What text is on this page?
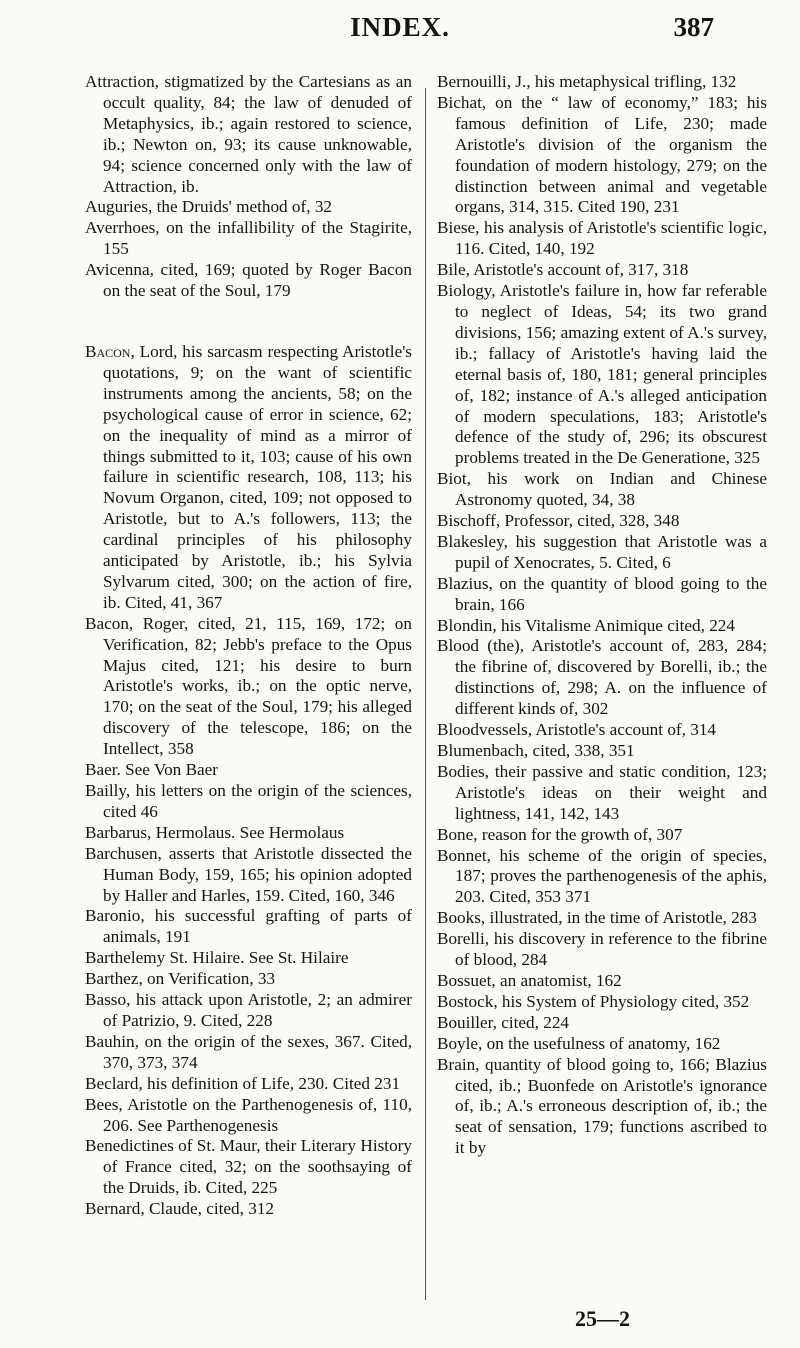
INDEX.	387

Attraction, stigmatized by the Cartesians as an occult quality, 84; the law of denuded of Metaphysics, ib.; again restored to science, ib.; Newton on, 93; its cause unknowable, 94; science concerned only with the law of Attraction, ib.

Auguries, the Druids' method of, 32

Averrhoes, on the infallibility of the Stagirite, 155

Avicenna, cited, 169; quoted by Roger Bacon on the seat of the Soul, 179

Bacon, Lord, his sarcasm respecting Aristotle's quotations, 9; on the want of scientific instruments among the ancients, 58; on the psychological cause of error in science, 62; on the inequality of mind as a mirror of things submitted to it, 103; cause of his own failure in scientific research, 108, 113; his Novum Organon, cited, 109; not opposed to Aristotle, but to A.'s followers, 113; the cardinal principles of his philosophy anticipated by Aristotle, ib.; his Sylvia Sylvarum cited, 300; on the action of fire, ib. Cited, 41, 367

Bacon, Roger, cited, 21, 115, 169, 172; on Verification, 82; Jebb's preface to the Opus Majus cited, 121; his desire to burn Aristotle's works, ib.; on the optic nerve, 170; on the seat of the Soul, 179; his alleged discovery of the telescope, 186; on the Intellect, 358

Baer. See Von Baer

Bailly, his letters on the origin of the sciences, cited 46

Barbarus, Hermolaus. See Hermolaus

Barchusen, asserts that Aristotle dissected the Human Body, 159, 165; his opinion adopted by Haller and Harles, 159. Cited, 160, 346

Baronio, his successful grafting of parts of animals, 191

Barthelemy St. Hilaire. See St. Hilaire

Barthez, on Verification, 33

Basso, his attack upon Aristotle, 2; an admirer of Patrizio, 9. Cited, 228

Bauhin, on the origin of the sexes, 367. Cited, 370, 373, 374

Beclard, his definition of Life, 230. Cited 231

Bees, Aristotle on the Parthenogenesis of, 110, 206. See Parthenogenesis

Benedictines of St. Maur, their Literary History of France cited, 32; on the soothsaying of the Druids, ib. Cited, 225

Bernard, Claude, cited, 312

Bernouilli, J., his metaphysical trifling, 132

Bichat, on the “ law of economy,” 183; his famous definition of Life, 230; made Aristotle's division of the organism the foundation of modern histology, 279; on the distinction between animal and vegetable organs, 314, 315. Cited 190, 231

Biese, his analysis of Aristotle's scientific logic, 116. Cited, 140, 192

Bile, Aristotle's account of, 317, 318

Biology, Aristotle's failure in, how far referable to neglect of Ideas, 54; its two grand divisions, 156; amazing extent of A.'s survey, ib.; fallacy of Aristotle's having laid the eternal basis of, 180, 181; general principles of, 182; instance of A.'s alleged anticipation of modern speculations, 183; Aristotle's defence of the study of, 296; its obscurest problems treated in the De Generatione, 325

Biot, his work on Indian and Chinese Astronomy quoted, 34, 38

Bischoff, Professor, cited, 328, 348

Blakesley, his suggestion that Aristotle was a pupil of Xenocrates, 5. Cited, 6

Blazius, on the quantity of blood going to the brain, 166

Blondin, his Vitalisme Animique cited, 224

Blood (the), Aristotle's account of, 283, 284; the fibrine of, discovered by Borelli, ib.; the distinctions of, 298; A. on the influence of different kinds of, 302

Bloodvessels, Aristotle's account of, 314

Blumenbach, cited, 338, 351

Bodies, their passive and static condition, 123; Aristotle's ideas on their weight and lightness, 141, 142, 143

Bone, reason for the growth of, 307

Bonnet, his scheme of the origin of species, 187; proves the parthenogenesis of the aphis, 203. Cited, 353 371

Books, illustrated, in the time of Aristotle, 283

Borelli, his discovery in reference to the fibrine of blood, 284

Bossuet, an anatomist, 162

Bostock, his System of Physiology cited, 352

Bouiller, cited, 224

Boyle, on the usefulness of anatomy, 162

Brain, quantity of blood going to, 166; Blazius cited, ib.; Buonfede on Aristotle's ignorance of, ib.; A.'s erroneous description of, ib.; the seat of sensation, 179; functions ascribed to it by

25—2
